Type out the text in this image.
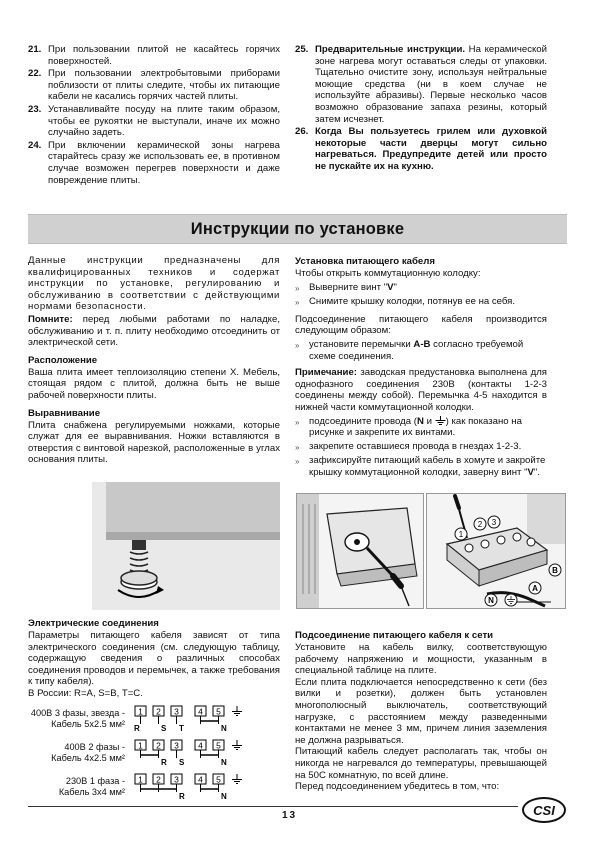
21. При пользовании плитой не касайтесь горячих поверхностей.
22. При пользовании электробытовыми приборами поблизости от плиты следите, чтобы их питающие кабели не касались горячих частей плиты.
23. Устанавливайте посуду на плите таким образом, чтобы ее рукоятки не выступали, иначе их можно случайно задеть.
24. При включении керамической зоны нагрева старайтесь сразу же использовать ее, в противном случае возможен перегрев поверхности и даже повреждение плиты.
25. Предварительные инструкции. На керамической зоне нагрева могут оставаться следы от упаковки. Тщательно очистите зону, используя нейтральные моющие средства (ни в коем случае не используйте абразивы). Первые несколько часов возможно образование запаха резины, который затем исчезнет.
26. Когда Вы пользуетесь грилем или духовкой некоторые части дверцы могут сильно нагреваться. Предупредите детей или просто не пускайте их на кухню.
Инструкции по установке

Данные инструкции предназначены для квалифицированных техников и содержат инструкции по установке, регулированию и обслуживанию в соответствии с действующими нормами безопасности.

Помните: перед любыми работами по наладке, обслуживанию и т. п. плиту необходимо отсоединить от электрической сети.

Расположение

Ваша плита имеет теплоизоляцию степени X. Мебель, стоящая рядом с плитой, должна быть не выше рабочей поверхности плиты.

Выравнивание

Плита снабжена регулируемыми ножками, которые служат для ее выравнивания. Ножки вставляются в отверстия с винтовой нарезкой, расположенные в углах основания плиты.

Установка питающего кабеля

Чтобы открыть коммутационную колодку:

» Выверните винт "V"
» Снимите крышку колодки, потянув ее на себя.

Подсоединение питающего кабеля производится следующим образом:

» установите перемычки A-B согласно требуемой схеме соединения.

Примечание: заводская предустановка выполнена для однофазного соединения 230В (контакты 1-2-3 соединены между собой). Перемычка 4-5 находится в нижней части коммутационной колодки.

» подсоедините провода (N и ) как показано на рисунке и закрепите их винтами.
» закрепите оставшиеся провода в гнездах 1-2-3.
» зафиксируйте питающий кабель в хомуте и закройте крышку коммутационной колодки, заверну винт "V".
1
2 3
B
A
N
Электрические соединения

Параметры питающего кабеля зависят от типа электрического соединения (см. следующую таблицу, содержащую сведения о различных способах соединения проводов и перемычек, а также требования к типу кабеля).

В России: R=A, S=B, T=C.

400В 3 фазы, звезда -
Кабель 5х2.5 мм²
1 2 3 4 5
R	S T	N
400В 2 фазы -
Кабель 4х2.5 мм²
1 2 3 4 5
R S	N
230В 1 фаза -
Кабель 3х4 мм²
1 2 3 4 5
R	N
Подсоединение питающего кабеля к сети

Установите на кабель вилку, соответствующую рабочему напряжению и мощности, указанным в специальной таблице на плите.

Если плита подключается непосредственно к сети (без вилки и розетки), должен быть установлен многополюсный выключатель, соответствующий нагрузке, с расстоянием между разведенными контактами не менее 3 мм, причем линия заземления не должна разрываться.

Питающий кабель следует располагать так, чтобы он никогда не нагревался до температуры, превышающей на 50С комнатную, по всей длине.

Перед подсоединением убедитесь в том, что:

13	CSI
